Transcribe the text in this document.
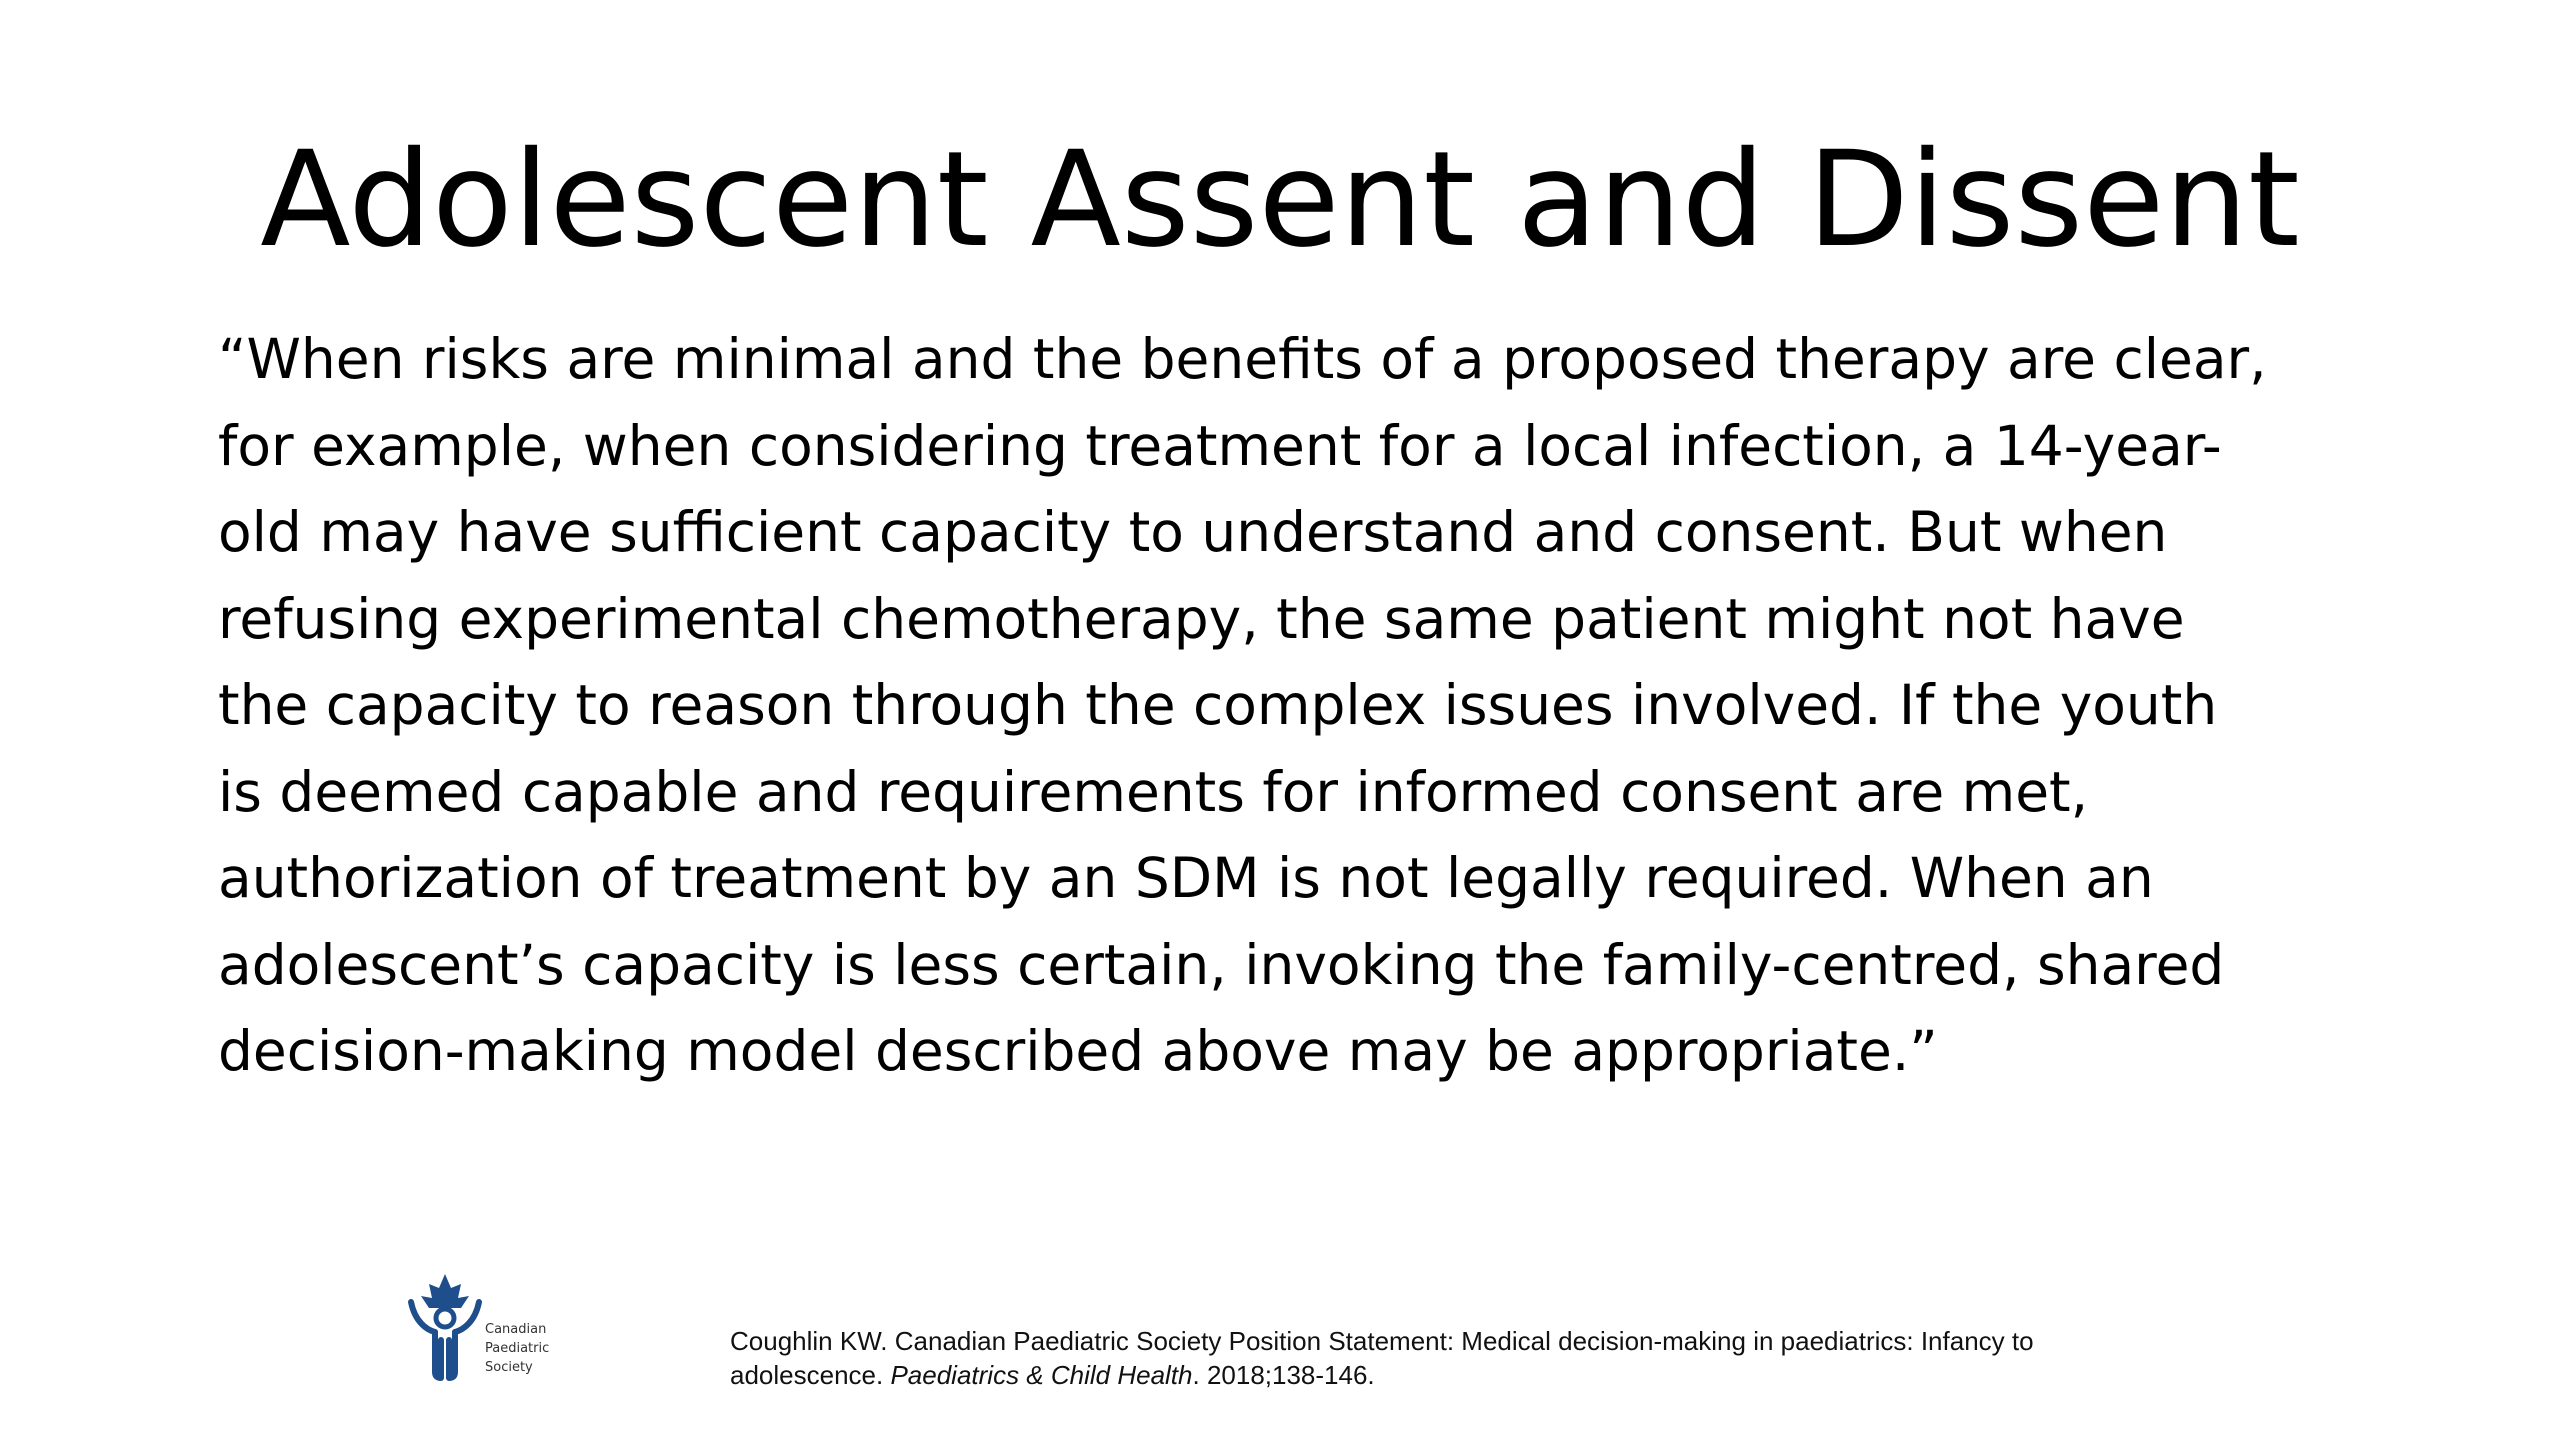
Adolescent Assent and Dissent
“When risks are minimal and the benefits of a proposed therapy are clear,
for example, when considering treatment for a local infection, a 14-year-
old may have sufficient capacity to understand and consent. But when
refusing experimental chemotherapy, the same patient might not have
the capacity to reason through the complex issues involved. If the youth
is deemed capable and requirements for informed consent are met,
authorization of treatment by an SDM is not legally required. When an
adolescent’s capacity is less certain, invoking the family-centred, shared
decision-making model described above may be appropriate.”
Canadian
Paediatric
Society
Coughlin KW. Canadian Paediatric Society Position Statement: Medical decision-making in paediatrics: Infancy to
adolescence. Paediatrics & Child Health. 2018;138-146.
